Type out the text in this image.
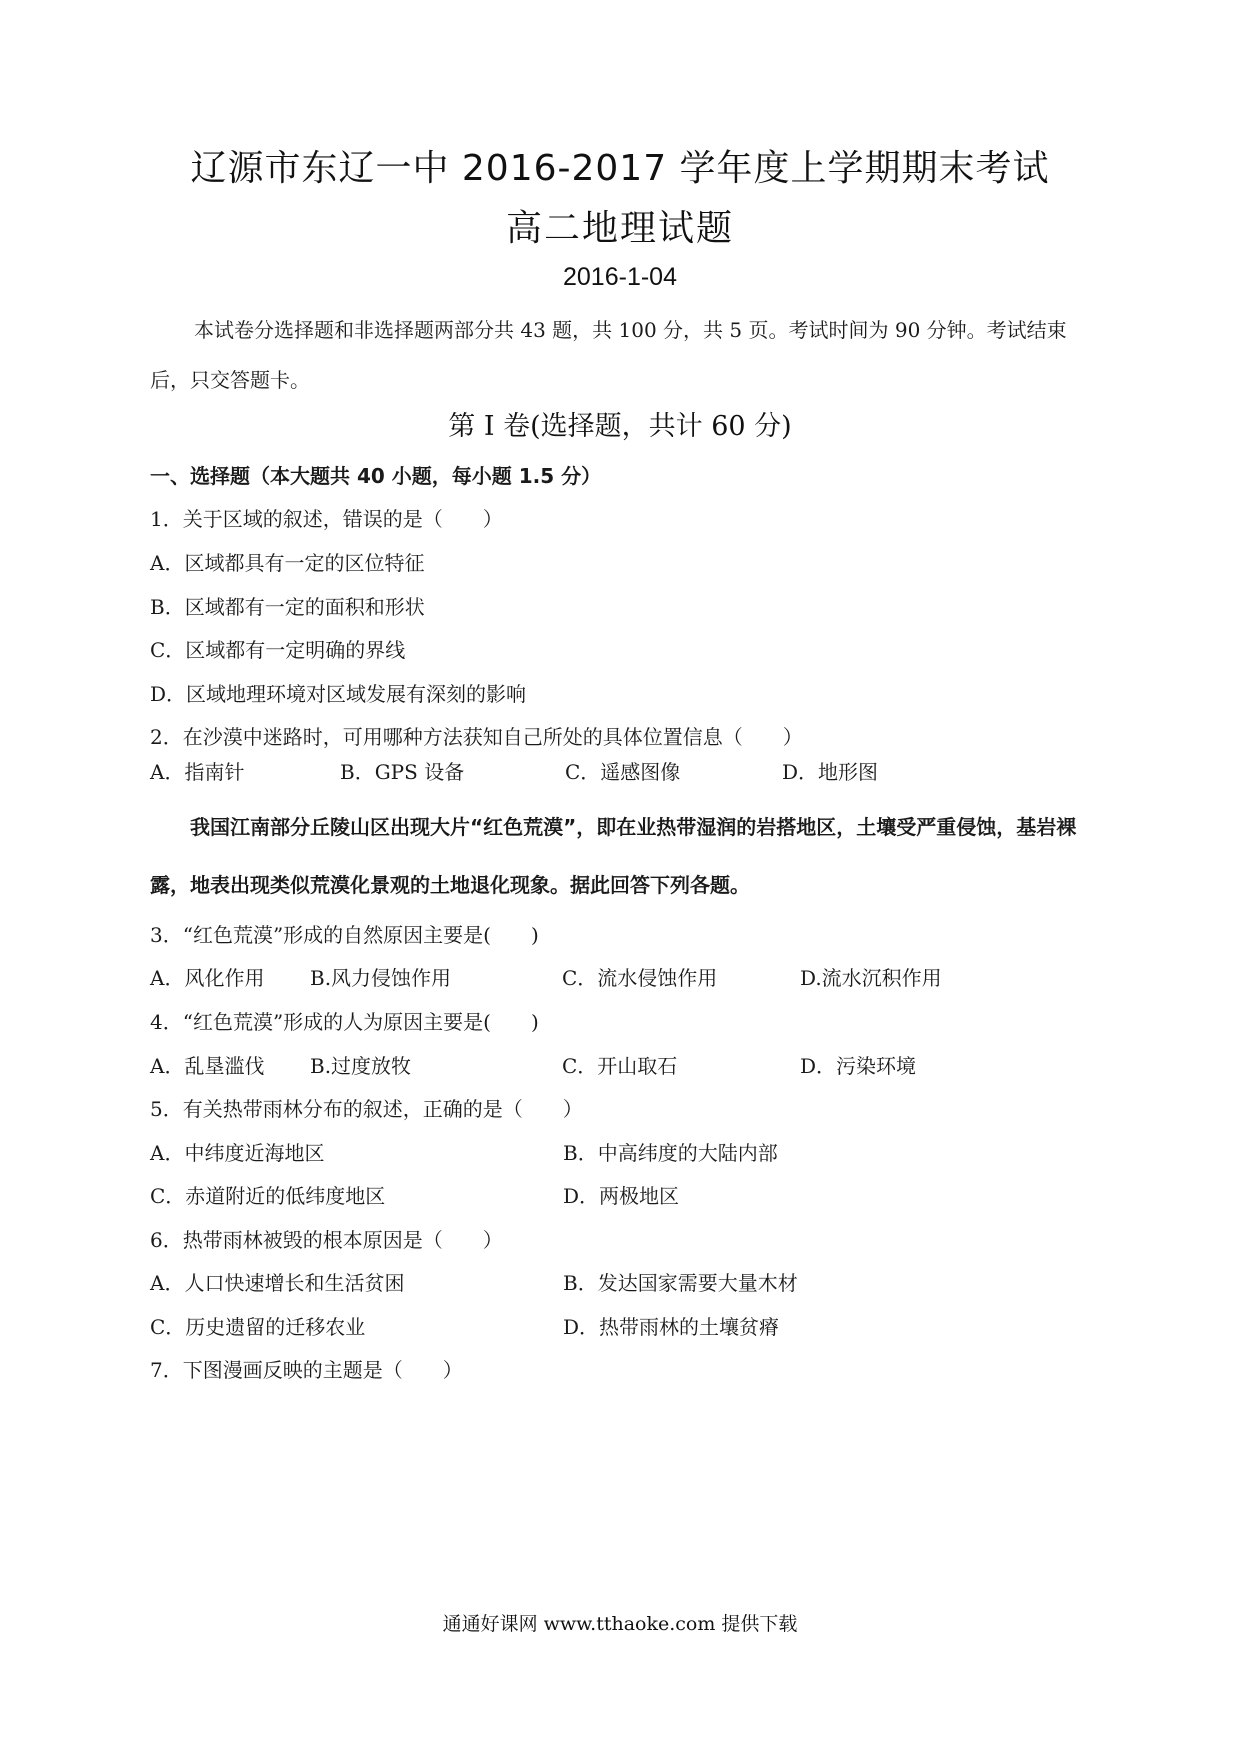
辽源市东辽一中 2016-2017 学年度上学期期末考试
高二地理试题
2016-1-04
本试卷分选择题和非选择题两部分共 43 题，共 100 分，共 5 页。考试时间为 90 分钟。考试结束后，只交答题卡。
第 I 卷(选择题，共计 60 分)
一、选择题（本大题共 40 小题，每小题 1.5 分）
1．关于区域的叙述，错误的是（　　）
A．区域都具有一定的区位特征
B．区域都有一定的面积和形状
C．区域都有一定明确的界线
D．区域地理环境对区域发展有深刻的影响
2．在沙漠中迷路时，可用哪种方法获知自己所处的具体位置信息（　　）
A．指南针	B．GPS 设备	C．遥感图像	D．地形图
我国江南部分丘陵山区出现大片“红色荒漠”，即在业热带湿润的岩搭地区，土壤受严重侵蚀，基岩裸露，地表出现类似荒漠化景观的土地退化现象。据此回答下列各题。
3．“红色荒漠”形成的自然原因主要是(　　)
A．风化作用 B.风力侵蚀作用	C．流水侵蚀作用	D.流水沉积作用
4．“红色荒漠”形成的人为原因主要是(　　)
A．乱垦滥伐 B.过度放牧	C．开山取石	D．污染环境
5．有关热带雨林分布的叙述，正确的是（　　）
A．中纬度近海地区	B．中高纬度的大陆内部
C．赤道附近的低纬度地区	D．两极地区
6．热带雨林被毁的根本原因是（　　）
A．人口快速增长和生活贫困	B．发达国家需要大量木材
C．历史遗留的迁移农业	D．热带雨林的土壤贫瘠
7．下图漫画反映的主题是（　　）
通通好课网 www.tthaoke.com 提供下载
